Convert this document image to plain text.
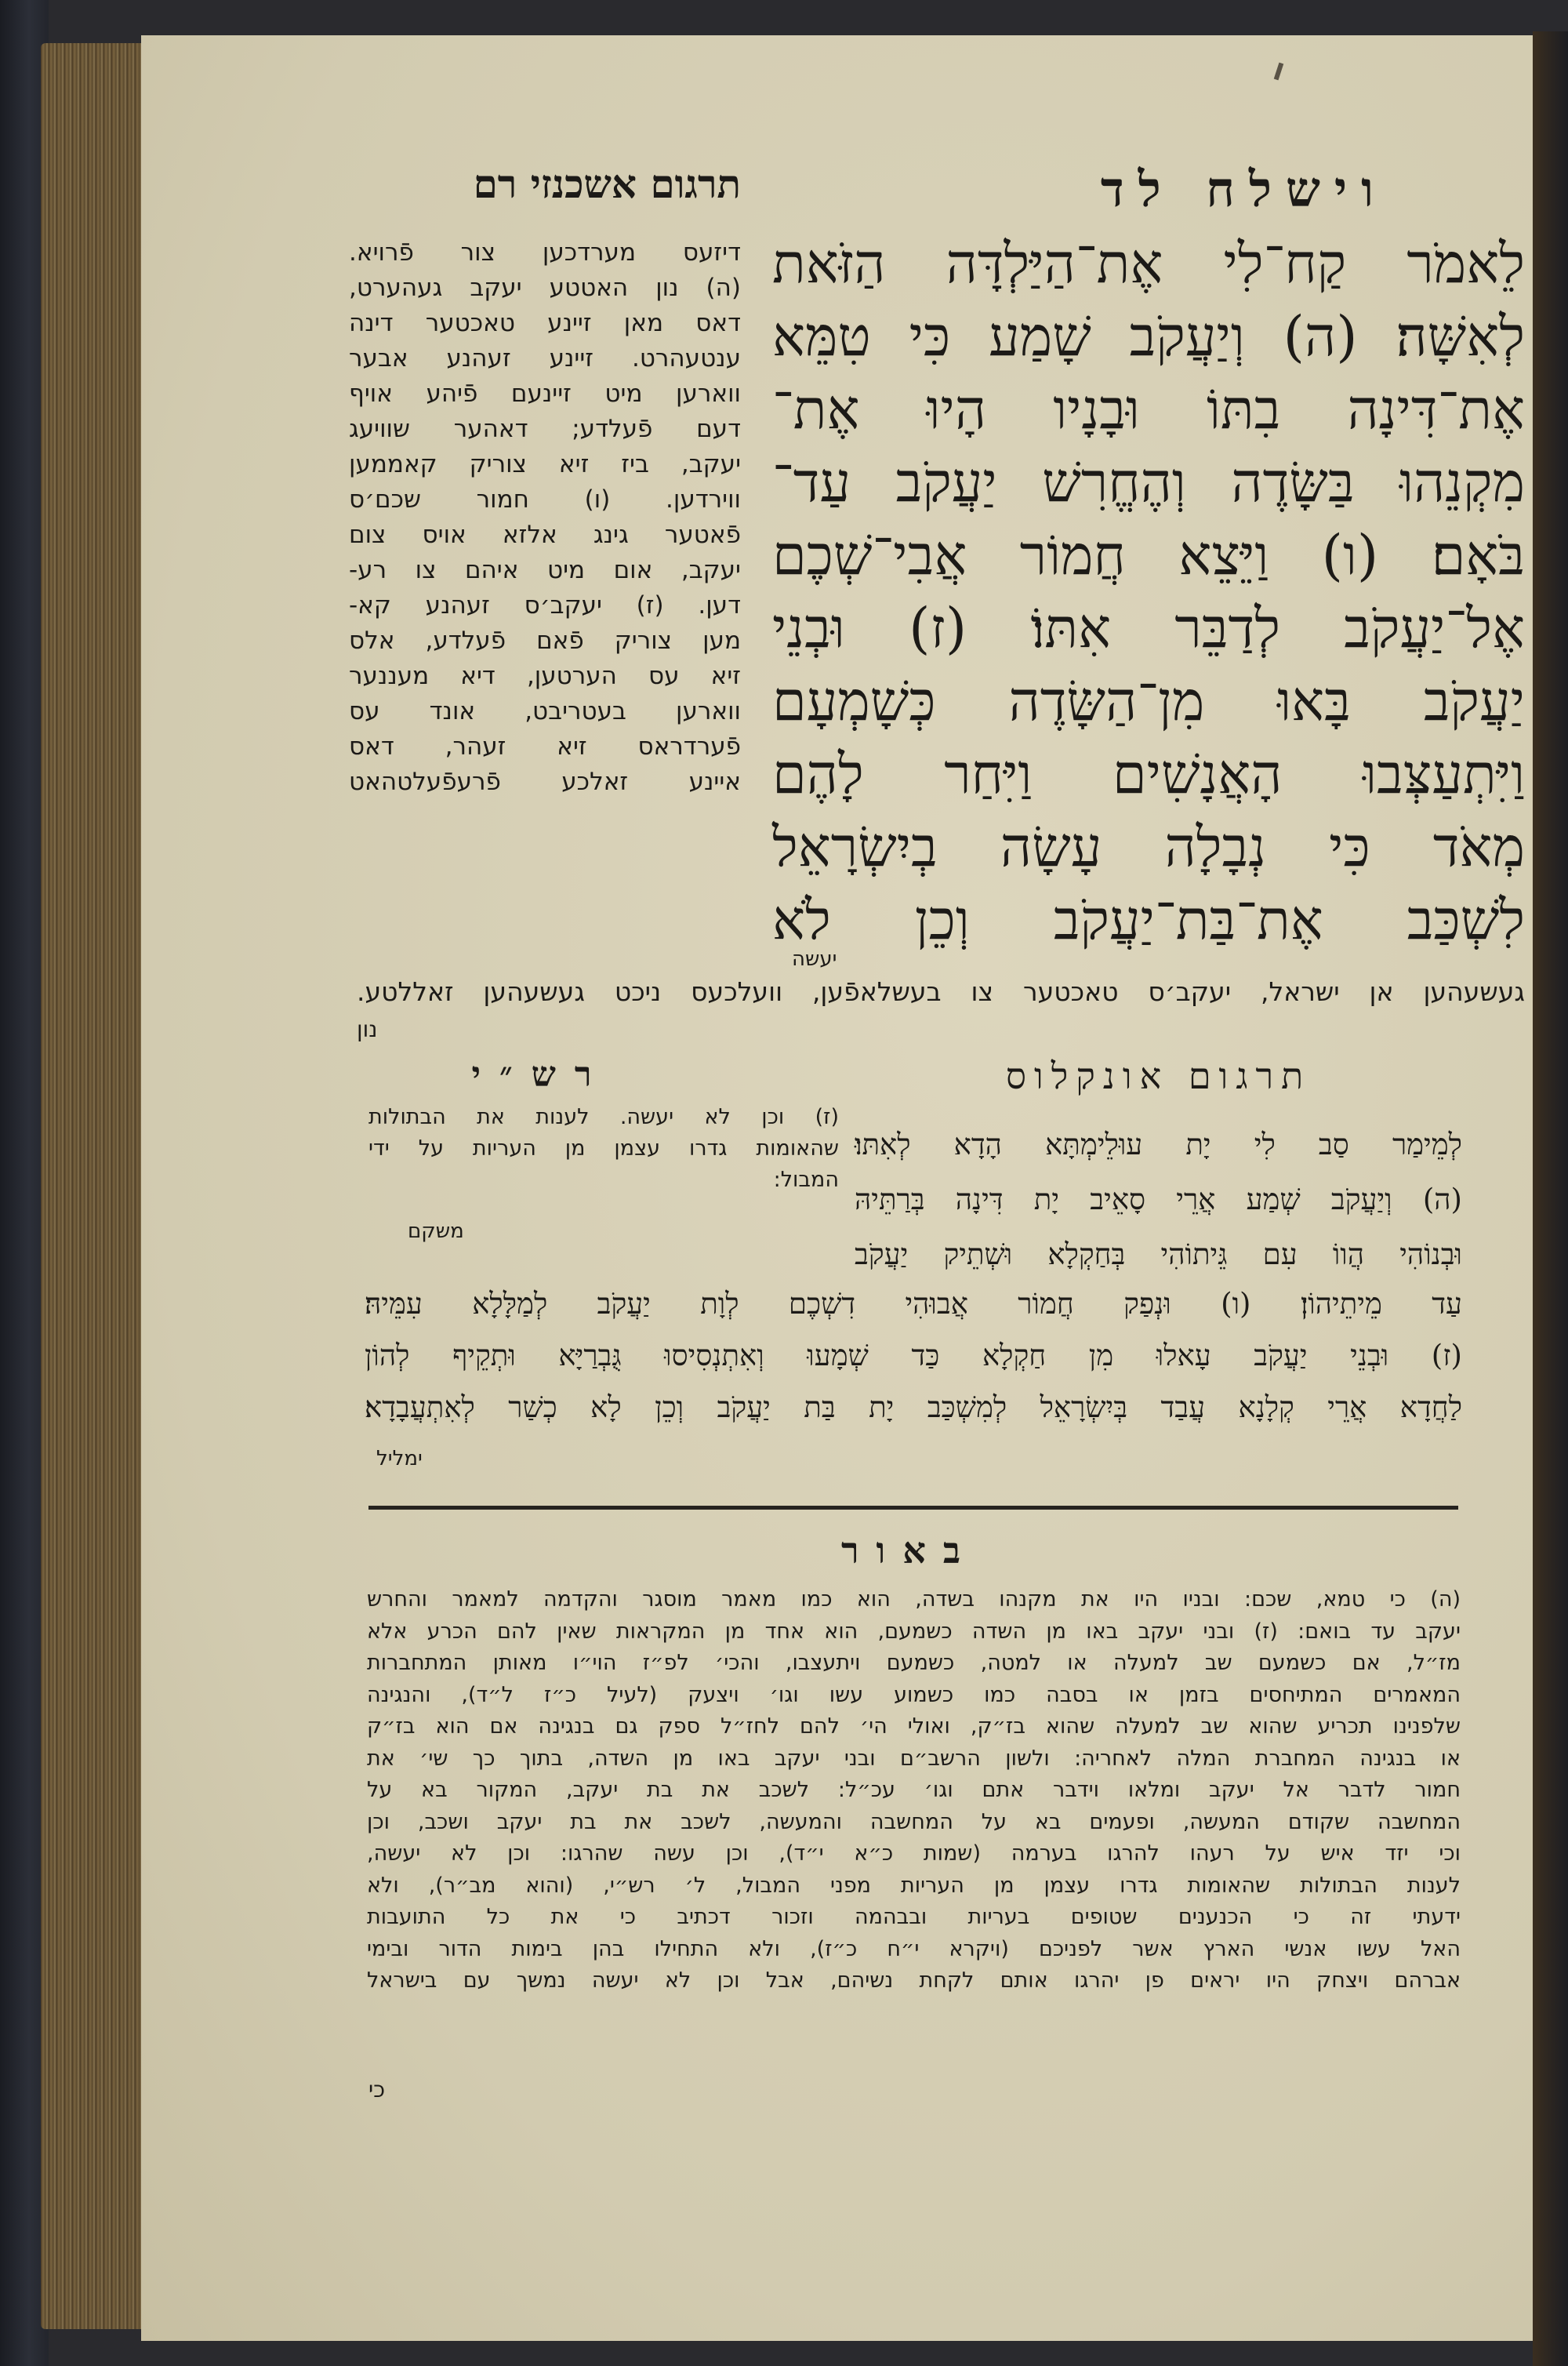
וישלח לד
תרגום אשכנזי רם
לֵאמֹר קַח־לִי אֶת־הַיַּלְדָּה הַזֹּאת
לְאִשָּׁה׃ (ה) וְיַעֲקֹב שָׁמַע כִּי טִמֵּא
אֶת־דִּינָה בִתּוֹ וּבָנָיו הָיוּ אֶת־
מִקְנֵהוּ בַּשָּׂדֶה וְהֶחֱרִשׁ יַעֲקֹב עַד־
בֹּאָם׃ (ו) וַיֵּצֵא חֲמוֹר אֲבִי־שְׁכֶם
אֶל־יַעֲקֹב לְדַבֵּר אִתּוֹ׃ (ז) וּבְנֵי
יַעֲקֹב בָּאוּ מִן־הַשָּׂדֶה כְּשָׁמְעָם
וַיִּתְעַצְּבוּ הָאֲנָשִׁים וַיִּחַר לָהֶם
מְאֹד כִּי נְבָלָה עָשָׂה בְיִשְׂרָאֵל
לִשְׁכַּב אֶת־בַּת־יַעֲקֹב וְכֵן לֹא
יעשה
דיזעס מערדכען צור פֿרויא.
(ה) נון האטטע יעקב געהערט,
דאס מאן זיינע טאכטער דינה
ענטעהרט. זיינע זעהנע אבער
ווארען מיט זיינעם פֿיהע אויף
דעם פֿעלדע; דאהער שוויעג
יעקב, ביז זיא צוריק קאממען
ווירדען. (ו) חמור שכם׳ס
פֿאטער גינג אלזא אויס צום
יעקב, אום מיט איהם צו רע-
דען. (ז) יעקב׳ס זעהנע קא-
מען צוריק פֿאם פֿעלדע, אלס
זיא עס הערטען, דיא מעננער
ווארען בעטריבט, אונד עס
פֿערדראס זיא זעהר, דאס
איינע זאלכע פֿרעפֿעלטהאט
געשעהען אן ישראל, יעקב׳ס טאכטער צו בעשלאפֿען, וועלכעס ניכט געשעהען זאללטע.
נון
תרגום אונקלוס
רש״י
(ז) וכן לא יעשה. לענות את הבתולות
שהאומות גדרו עצמן מן העריות על ידי
המבול:
משקם
לְמֵימַר סַב לִי יָת עוּלֵימְתָּא הָדָא לְאִתּוּ׃
(ה) וְיַעֲקֹב שְׁמַע אֲרֵי סָאֵיב יָת דִּינָה בְּרַתֵּיהּ
וּבְנוֹהִי הֲווֹ עִם גֵּיתוֹהִי בְּחַקְלָא וּשְׁתֵיק יַעֲקֹב
עַד מֵיתֵיהוֹן׃ (ו) וּנְפַק חֲמוֹר אֲבוּהִי דִשְׁכֶם לְוָת יַעֲקֹב לְמַלָּלָא עִמֵּיהּ׃
(ז) וּבְנֵי יַעֲקֹב עָאלוּ מִן חַקְלָא כַּד שְׁמָעוּ וְאִתְנְסִיסוּ גֻּבְרַיָּא וּתְקֵיף לְהוֹן
לַחֲדָא אֲרֵי קְלָנָא עֲבַד בְּיִשְׂרָאֵל לְמִשְׁכַּב יָת בַּת יַעֲקֹב וְכֵן לָא כְשַׁר לְאִתְעֲבָדָא׃
ימליל
באור
(ה) כי טמא, שכם: ובניו היו את מקנהו בשדה, הוא כמו מאמר מוסגר והקדמה למאמר והחרש
יעקב עד בואם: (ז) ובני יעקב באו מן השדה כשמעם, הוא אחד מן המקראות שאין להם הכרע אלא
מז״ל, אם כשמעם שב למעלה או למטה, כשמעם ויתעצבו, והכי׳ לפ״ז הוי״ו מאותן המתחברות
המאמרים המתיחסים בזמן או בסבה כמו כשמוע עשו וגו׳ ויצעק (לעיל כ״ז ל״ד), והנגינה
שלפנינו תכריע שהוא שב למעלה שהוא בז״ק, ואולי הי׳ להם לחז״ל ספק גם בנגינה אם הוא בז״ק
או בנגינה המחברת המלה לאחריה: ולשון הרשב״ם ובני יעקב באו מן השדה, בתוך כך שי׳ את
חמור לדבר אל יעקב ומלאו וידבר אתם וגו׳ עכ״ל: לשכב את בת יעקב, המקור בא על
המחשבה שקודם המעשה, ופעמים בא על המחשבה והמעשה, לשכב את בת יעקב ושכב, וכן
וכי יזד איש על רעהו להרגו בערמה (שמות כ״א י״ד), וכן עשה שהרגו: וכן לא יעשה,
לענות הבתולות שהאומות גדרו עצמן מן העריות מפני המבול, ל׳ רש״י, (והוא מב״ר), ולא
ידעתי זה כי הכנענים שטופים בעריות ובבהמה וזכור דכתיב כי את כל התועבות
האל עשו אנשי הארץ אשר לפניכם (ויקרא י״ח כ״ז), ולא התחילו בהן בימות הדור ובימי
אברהם ויצחק היו יראים פן יהרגו אותם לקחת נשיהם, אבל וכן לא יעשה נמשך עם בישראל
כי
